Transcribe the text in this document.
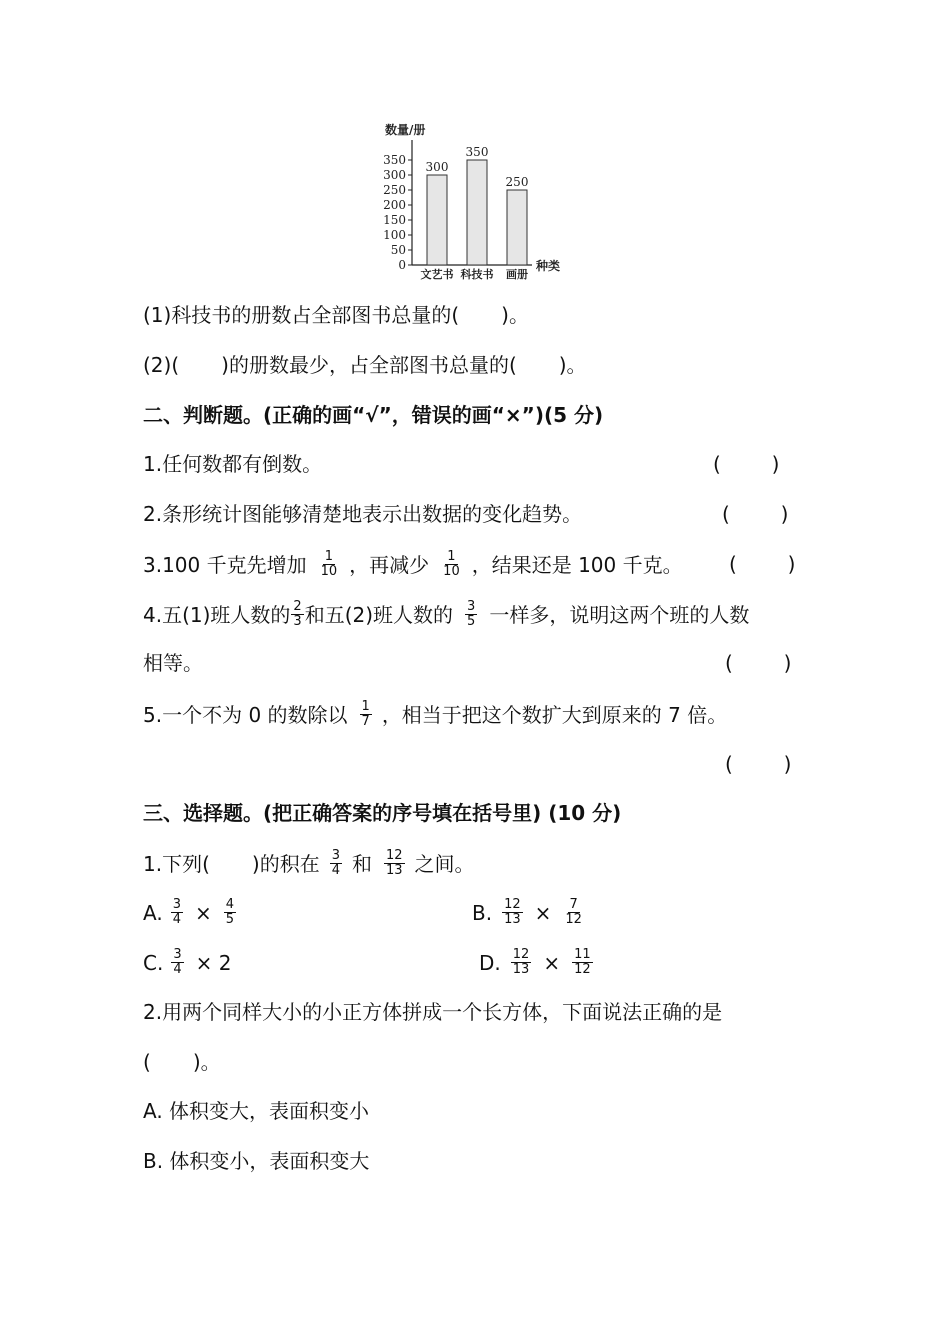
数量/册
种类
0
50
100
150
200
250
300
350 300
文艺书
350
科技书
250
画册
(1)科技书的册数占全部图书总量的( )。
(2)( )的册数最少，占全部图书总量的( )。
二、判断题。(正确的画“√”，错误的画“×”)(5 分)
1.任何数都有倒数。	(        )
2.条形统计图能够清楚地表示出数据的变化趋势。	(        )
3.100 千克先增加 $\frac{1}{10}$ ，再减少 $\frac{1}{10}$ ，结果还是 100 千克。 (        )
4.五(1)班人数的 $\frac{2}{3}$ 和五(2)班人数的 $\frac{3}{5}$ 一样多，说明这两个班的人数
相等。	(        )
5.一个不为 0 的数除以 $\frac{1}{7}$ ，相当于把这个数扩大到原来的 7 倍。
(        )
三、选择题。(把正确答案的序号填在括号里) (10 分)
1.下列( )的积在 $\frac{3}{4}$ 和 $\frac{12}{13}$ 之间。
A. $\frac{3}{4} \times \frac{4}{5}$	B. $\frac{12}{13} \times \frac{7}{12}$
C. $\frac{3}{4} \times 2$	D. $\frac{12}{13} \times \frac{11}{12}$
2.用两个同样大小的小正方体拼成一个长方体，下面说法正确的是
( )。
A. 体积变大，表面积变小
B. 体积变小，表面积变大
